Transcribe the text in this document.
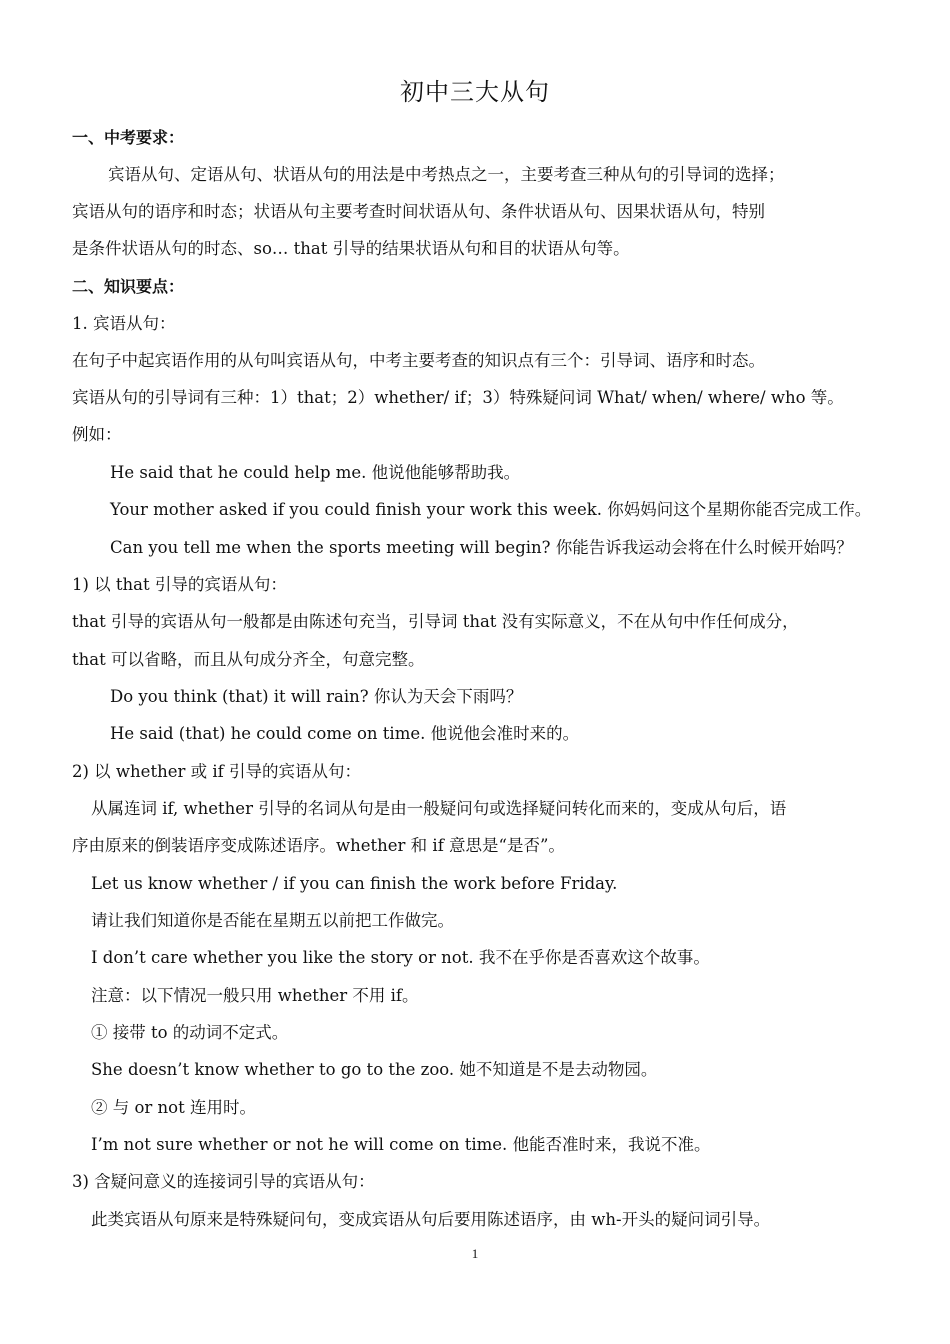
初中三大从句
一、中考要求：
宾语从句、定语从句、状语从句的用法是中考热点之一，主要考查三种从句的引导词的选择；
宾语从句的语序和时态；状语从句主要考查时间状语从句、条件状语从句、因果状语从句，特别
是条件状语从句的时态、so… that 引导的结果状语从句和目的状语从句等。
二、知识要点：
1. 宾语从句：
在句子中起宾语作用的从句叫宾语从句，中考主要考查的知识点有三个：引导词、语序和时态。
宾语从句的引导词有三种：1）that；2）whether/ if；3）特殊疑问词 What/ when/ where/ who 等。
例如：
He said that he could help me. 他说他能够帮助我。
Your mother asked if you could finish your work this week. 你妈妈问这个星期你能否完成工作。
Can you tell me when the sports meeting will begin? 你能告诉我运动会将在什么时候开始吗？
1) 以 that 引导的宾语从句：
that 引导的宾语从句一般都是由陈述句充当，引导词 that 没有实际意义，不在从句中作任何成分，
that 可以省略，而且从句成分齐全，句意完整。
Do you think (that) it will rain? 你认为天会下雨吗？
He said (that) he could come on time. 他说他会准时来的。
2) 以 whether 或 if 引导的宾语从句：
从属连词 if, whether 引导的名词从句是由一般疑问句或选择疑问转化而来的，变成从句后，语
序由原来的倒装语序变成陈述语序。whether 和 if 意思是“是否”。
Let us know whether / if you can finish the work before Friday.
请让我们知道你是否能在星期五以前把工作做完。
I don’t care whether you like the story or not. 我不在乎你是否喜欢这个故事。
注意：以下情况一般只用 whether 不用 if。
① 接带 to 的动词不定式。
She doesn’t know whether to go to the zoo. 她不知道是不是去动物园。
② 与 or not 连用时。
I’m not sure whether or not he will come on time. 他能否准时来，我说不准。
3) 含疑问意义的连接词引导的宾语从句：
此类宾语从句原来是特殊疑问句，变成宾语从句后要用陈述语序，由 wh-开头的疑问词引导。
1
